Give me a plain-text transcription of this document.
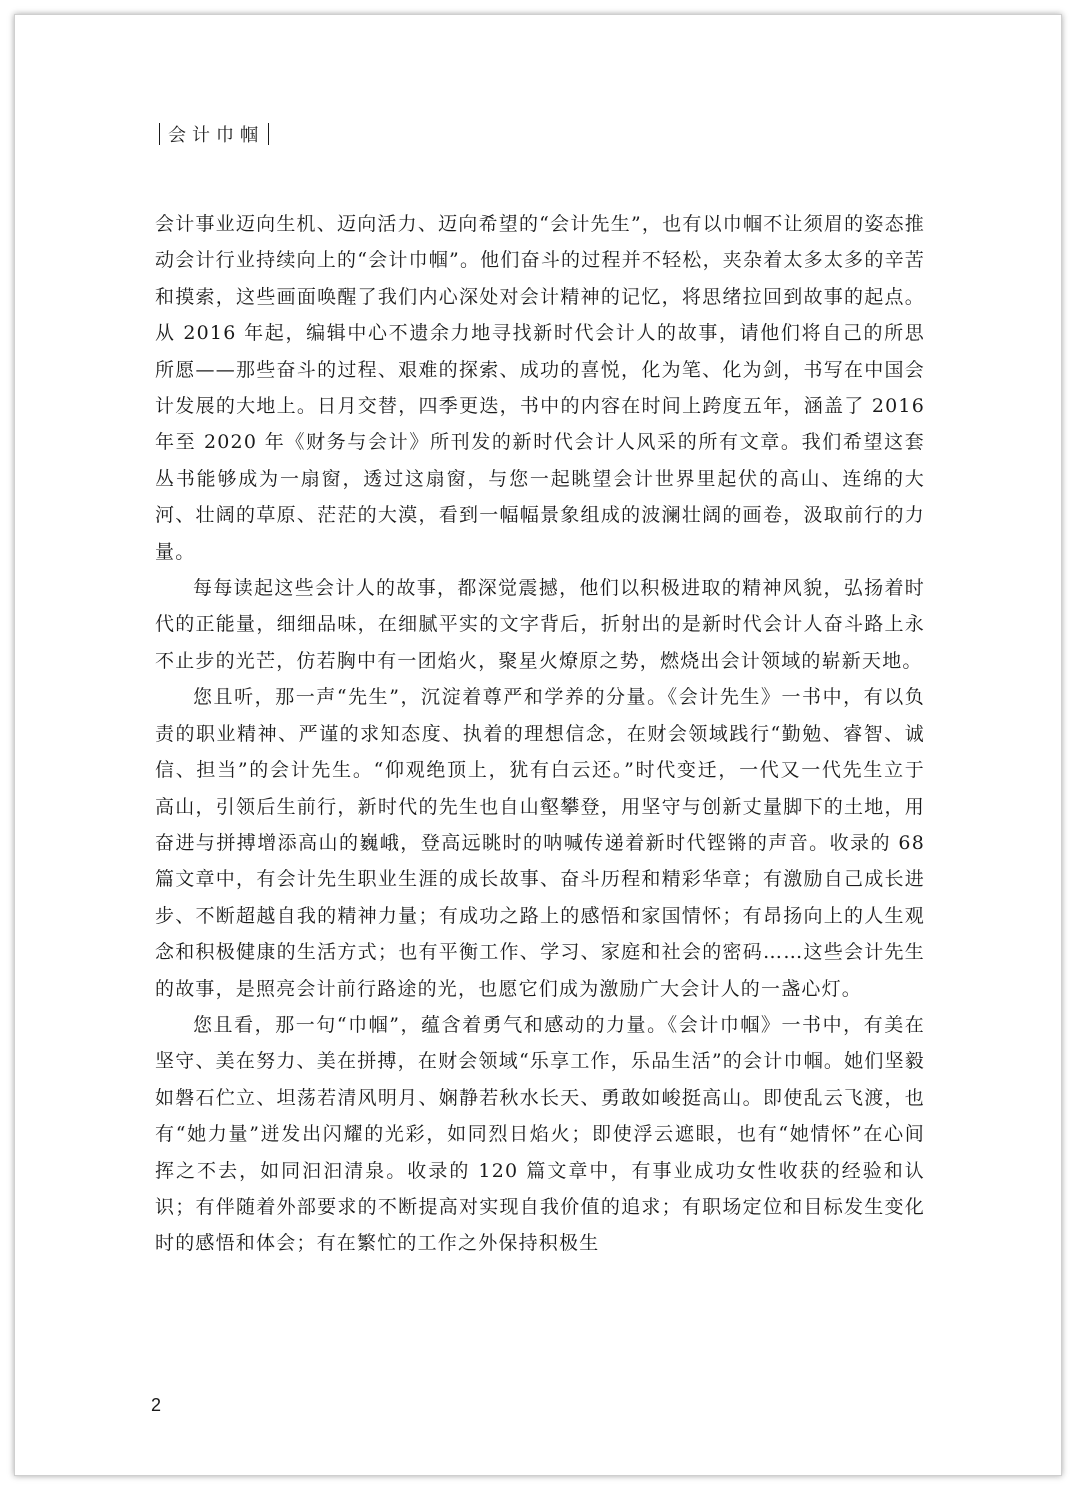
会计巾帼

会计事业迈向生机、迈向活力、迈向希望的“会计先生”，也有以巾帼不让须眉的姿态推动会计行业持续向上的“会计巾帼”。他们奋斗的过程并不轻松，夹杂着太多太多的辛苦和摸索，这些画面唤醒了我们内心深处对会计精神的记忆，将思绪拉回到故事的起点。从 2016 年起，编辑中心不遗余力地寻找新时代会计人的故事，请他们将自己的所思所愿——那些奋斗的过程、艰难的探索、成功的喜悦，化为笔、化为剑，书写在中国会计发展的大地上。日月交替，四季更迭，书中的内容在时间上跨度五年，涵盖了 2016 年至 2020 年《财务与会计》所刊发的新时代会计人风采的所有文章。我们希望这套丛书能够成为一扇窗，透过这扇窗，与您一起眺望会计世界里起伏的高山、连绵的大河、壮阔的草原、茫茫的大漠，看到一幅幅景象组成的波澜壮阔的画卷，汲取前行的力量。

每每读起这些会计人的故事，都深觉震撼，他们以积极进取的精神风貌，弘扬着时代的正能量，细细品味，在细腻平实的文字背后，折射出的是新时代会计人奋斗路上永不止步的光芒，仿若胸中有一团焰火，聚星火燎原之势，燃烧出会计领域的崭新天地。

您且听，那一声“先生”，沉淀着尊严和学养的分量。《会计先生》一书中，有以负责的职业精神、严谨的求知态度、执着的理想信念，在财会领域践行“勤勉、睿智、诚信、担当”的会计先生。“仰观绝顶上，犹有白云还。”时代变迁，一代又一代先生立于高山，引领后生前行，新时代的先生也自山壑攀登，用坚守与创新丈量脚下的土地，用奋进与拼搏增添高山的巍峨，登高远眺时的呐喊传递着新时代铿锵的声音。收录的 68 篇文章中，有会计先生职业生涯的成长故事、奋斗历程和精彩华章；有激励自己成长进步、不断超越自我的精神力量；有成功之路上的感悟和家国情怀；有昂扬向上的人生观念和积极健康的生活方式；也有平衡工作、学习、家庭和社会的密码……这些会计先生的故事，是照亮会计前行路途的光，也愿它们成为激励广大会计人的一盏心灯。

您且看，那一句“巾帼”，蕴含着勇气和感动的力量。《会计巾帼》一书中，有美在坚守、美在努力、美在拼搏，在财会领域“乐享工作，乐品生活”的会计巾帼。她们坚毅如磐石伫立、坦荡若清风明月、娴静若秋水长天、勇敢如峻挺高山。即使乱云飞渡，也有“她力量”迸发出闪耀的光彩，如同烈日焰火；即使浮云遮眼，也有“她情怀”在心间挥之不去，如同汩汩清泉。收录的 120 篇文章中，有事业成功女性收获的经验和认识；有伴随着外部要求的不断提高对实现自我价值的追求；有职场定位和目标发生变化时的感悟和体会；有在繁忙的工作之外保持积极生

2
